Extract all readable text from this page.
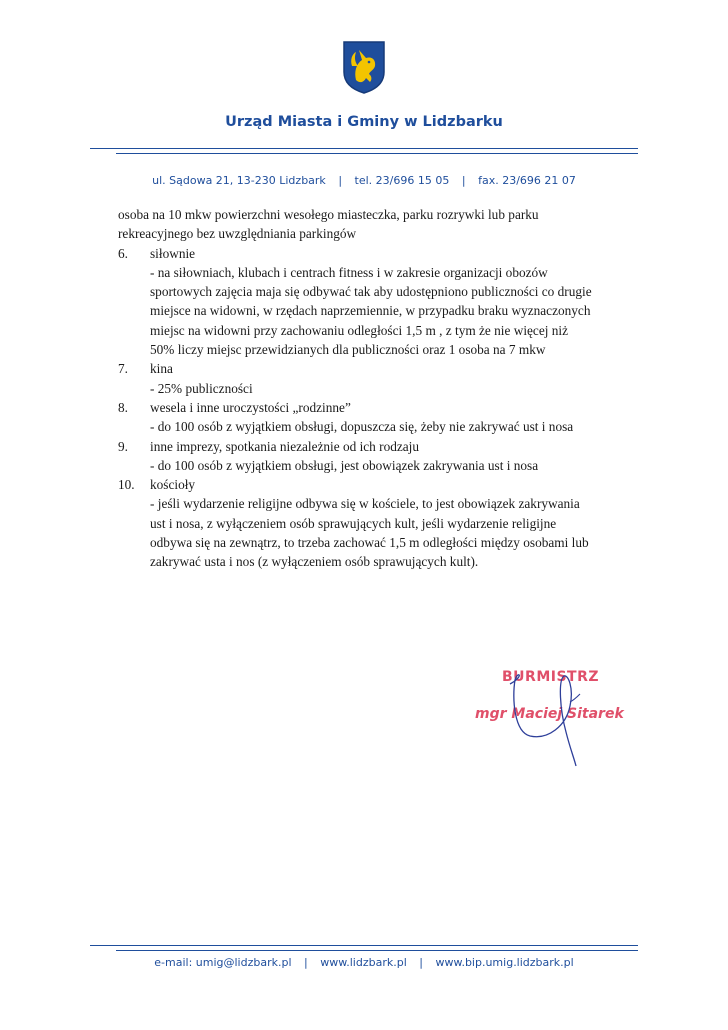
Urząd Miasta i Gminy w Lidzbarku
ul. Sądowa 21, 13-230 Lidzbark | tel. 23/696 15 05 | fax. 23/696 21 07

osoba na 10 mkw powierzchni wesołego miasteczka, parku rozrywki lub parku

rekreacyjnego bez uwzględniania parkingów

6.	siłownie

- na siłowniach, klubach i centrach fitness i w zakresie organizacji obozów

sportowych zajęcia maja się odbywać tak aby udostępniono publiczności co drugie

miejsce na widowni, w rzędach naprzemiennie, w przypadku braku wyznaczonych

miejsc na widowni przy zachowaniu odległości 1,5 m , z tym że nie więcej niż

50% liczy miejsc przewidzianych dla publiczności oraz 1 osoba na 7 mkw

7.	kina

- 25% publiczności

8.	wesela i inne uroczystości „rodzinne”

- do 100 osób z wyjątkiem obsługi, dopuszcza się, żeby nie zakrywać ust i nosa

9.	inne imprezy, spotkania niezależnie od ich rodzaju

- do 100 osób z wyjątkiem obsługi, jest obowiązek zakrywania ust i nosa

10.	kościoły

- jeśli wydarzenie religijne odbywa się w kościele, to jest obowiązek zakrywania

ust i nosa, z wyłączeniem osób sprawujących kult, jeśli wydarzenie religijne

odbywa się na zewnątrz, to trzeba zachować 1,5 m odległości między osobami lub

zakrywać usta i nos (z wyłączeniem osób sprawujących kult).

BURMISTRZ
mgr Maciej Sitarek
e-mail: umig@lidzbark.pl | www.lidzbark.pl | www.bip.umig.lidzbark.pl
